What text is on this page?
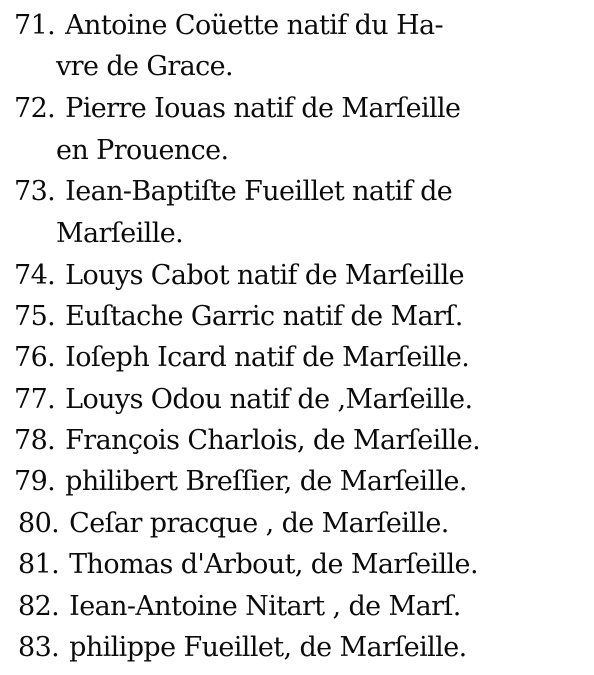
71. Antoine Coüette natif du Ha-
vre de Grace.
72. Pierre Iouas natif de Marſeille
en Prouence.
73. Iean-Baptiſte Fueillet natif de
Marſeille.
74. Louys Cabot natif de Marſeille
75. Euſtache Garric natif de Marſ.
76. Ioſeph Icard natif de Marſeille.
77. Louys Odou natif de ,Marſeille.
78. François Charlois, de Marſeille.
79. philibert Breſſier, de Marſeille.
80. Ceſar pracque , de Marſeille.
81. Thomas d'Arbout, de Marſeille.
82. Iean-Antoine Nitart , de Marſ.
83. philippe Fueillet, de Marſeille.
